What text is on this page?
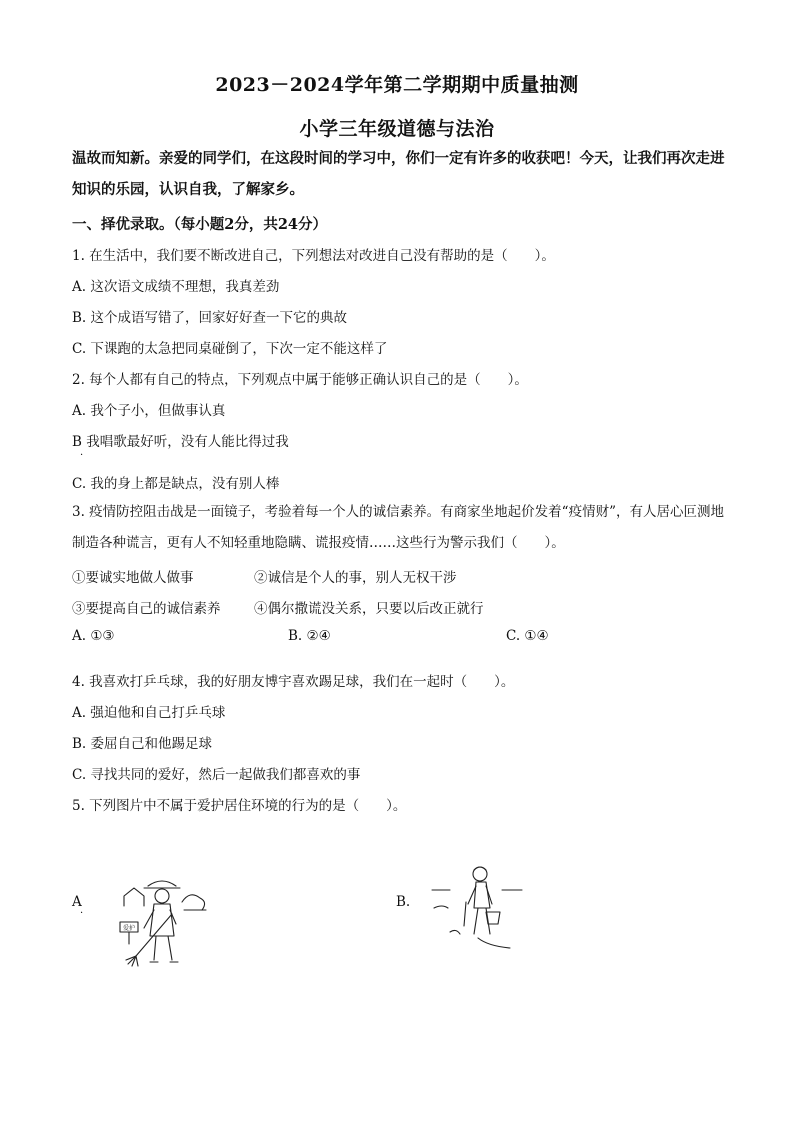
2023－2024学年第二学期期中质量抽测
小学三年级道德与法治
温故而知新。亲爱的同学们，在这段时间的学习中，你们一定有许多的收获吧！今天，让我们再次走进知识的乐园，认识自我，了解家乡。
一、择优录取。（每小题2分，共24分）
1. 在生活中，我们要不断改进自己，下列想法对改进自己没有帮助的是（　　）。
A. 这次语文成绩不理想，我真差劲
B. 这个成语写错了，回家好好查一下它的典故
C. 下课跑的太急把同桌碰倒了，下次一定不能这样了
2. 每个人都有自己的特点，下列观点中属于能够正确认识自己的是（　　）。
A. 我个子小，但做事认真
B 我唱歌最好听，没有人能比得过我
·
C. 我的身上都是缺点，没有别人棒
3. 疫情防控阻击战是一面镜子，考验着每一个人的诚信素养。有商家坐地起价发着“疫情财”，有人居心叵测地制造各种谎言，更有人不知轻重地隐瞒、谎报疫情……这些行为警示我们（　　）。
①要诚实地做人做事	②诚信是个人的事，别人无权干涉
③要提高自己的诚信素养 ④偶尔撒谎没关系，只要以后改正就行
A. ①③	B. ②④	C. ①④
4. 我喜欢打乒乓球，我的好朋友博宇喜欢踢足球，我们在一起时（　　）。
A. 强迫他和自己打乒乓球
B. 委屈自己和他踢足球
C. 寻找共同的爱好，然后一起做我们都喜欢的事
5. 下列图片中不属于爱护居住环境的行为的是（　　）。
A
·
爱护
B.
